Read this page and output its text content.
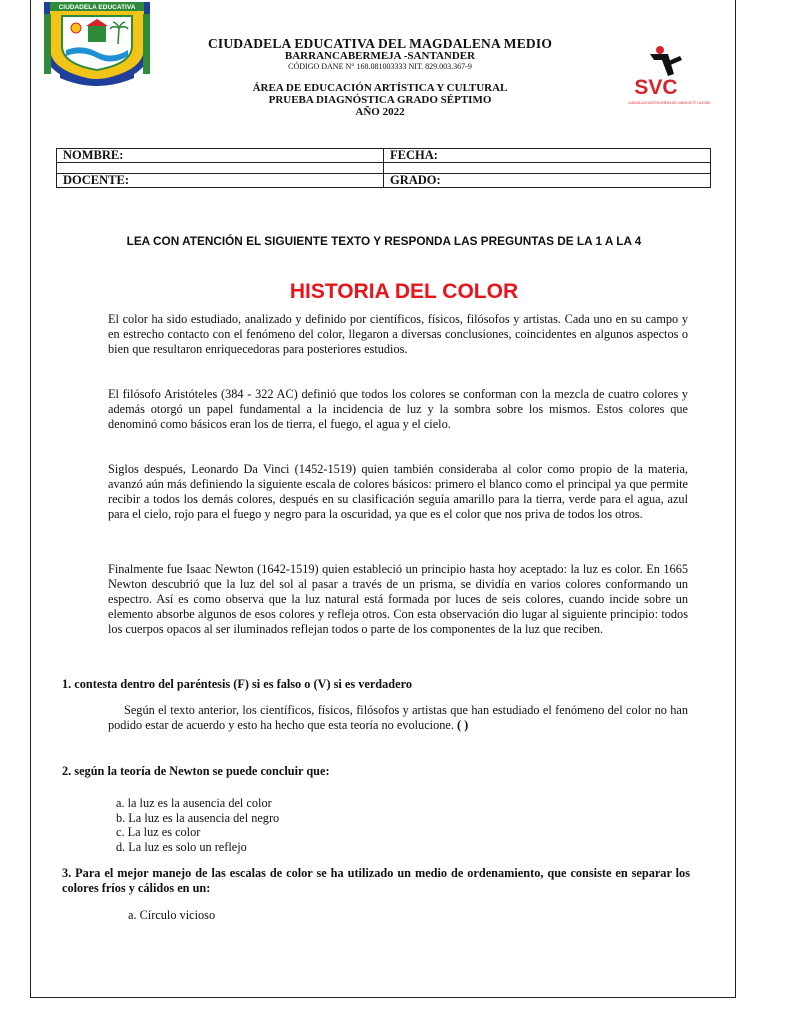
CIUDADELA EDUCATIVA
SVC
CIUDADELA DE NUESTRA SEÑORA DEL CAMINO DE FE Y ALEGRÍA
CIUDADELA EDUCATIVA DEL MAGDALENA MEDIO
BARRANCABERMEJA -SANTANDER
CÓDIGO DANE N° 168.081003333 NIT. 829.003.367-9
ÁREA DE EDUCACIÓN ARTÍSTICA Y CULTURAL
PRUEBA DIAGNÓSTICA GRADO SÉPTIMO
AÑO 2022
NOMBRE:	FECHA:

DOCENTE:	GRADO:
LEA CON ATENCIÓN EL SIGUIENTE TEXTO Y RESPONDA LAS PREGUNTAS DE LA 1 A LA 4
HISTORIA DEL COLOR

El color ha sido estudiado, analizado y definido por científicos, físicos, filósofos y artistas. Cada uno en su campo y en estrecho contacto con el fenómeno del color, llegaron a diversas conclusiones, coincidentes en algunos aspectos o bien que resultaron enriquecedoras para posteriores estudios.

El filósofo Aristóteles (384 - 322 AC) definió que todos los colores se conforman con la mezcla de cuatro colores y además otorgó un papel fundamental a la incidencia de luz y la sombra sobre los mismos. Estos colores que denominó como básicos eran los de tierra, el fuego, el agua y el cielo.

Siglos después, Leonardo Da Vinci (1452-1519) quien también consideraba al color como propio de la materia, avanzó aún más definiendo la siguiente escala de colores básicos: primero el blanco como el principal ya que permite recibir a todos los demás colores, después en su clasificación seguía amarillo para la tierra, verde para el agua, azul para el cielo, rojo para el fuego y negro para la oscuridad, ya que es el color que nos priva de todos los otros.

Finalmente fue Isaac Newton (1642-1519) quien estableció un principio hasta hoy aceptado: la luz es color. En 1665 Newton descubrió que la luz del sol al pasar a través de un prisma, se dividía en varios colores conformando un espectro. Así es como observa que la luz natural está formada por luces de seis colores, cuando incide sobre un elemento absorbe algunos de esos colores y refleja otros. Con esta observación dio lugar al siguiente principio: todos los cuerpos opacos al ser iluminados reflejan todos o parte de los componentes de la luz que reciben.

1. contesta dentro del paréntesis (F) si es falso o (V) si es verdadero

Según el texto anterior, los científicos, físicos, filósofos y artistas que han estudiado el fenómeno del color no han podido estar de acuerdo y esto ha hecho que esta teoría no evolucione. ( )

2. según la teoría de Newton se puede concluir que:

a. la luz es la ausencia del color
b. La luz es la ausencia del negro
c. La luz es color
d. La luz es solo un reflejo

3. Para el mejor manejo de las escalas de color se ha utilizado un medio de ordenamiento, que consiste en separar los colores fríos y cálidos en un:

a. Círculo vicioso
